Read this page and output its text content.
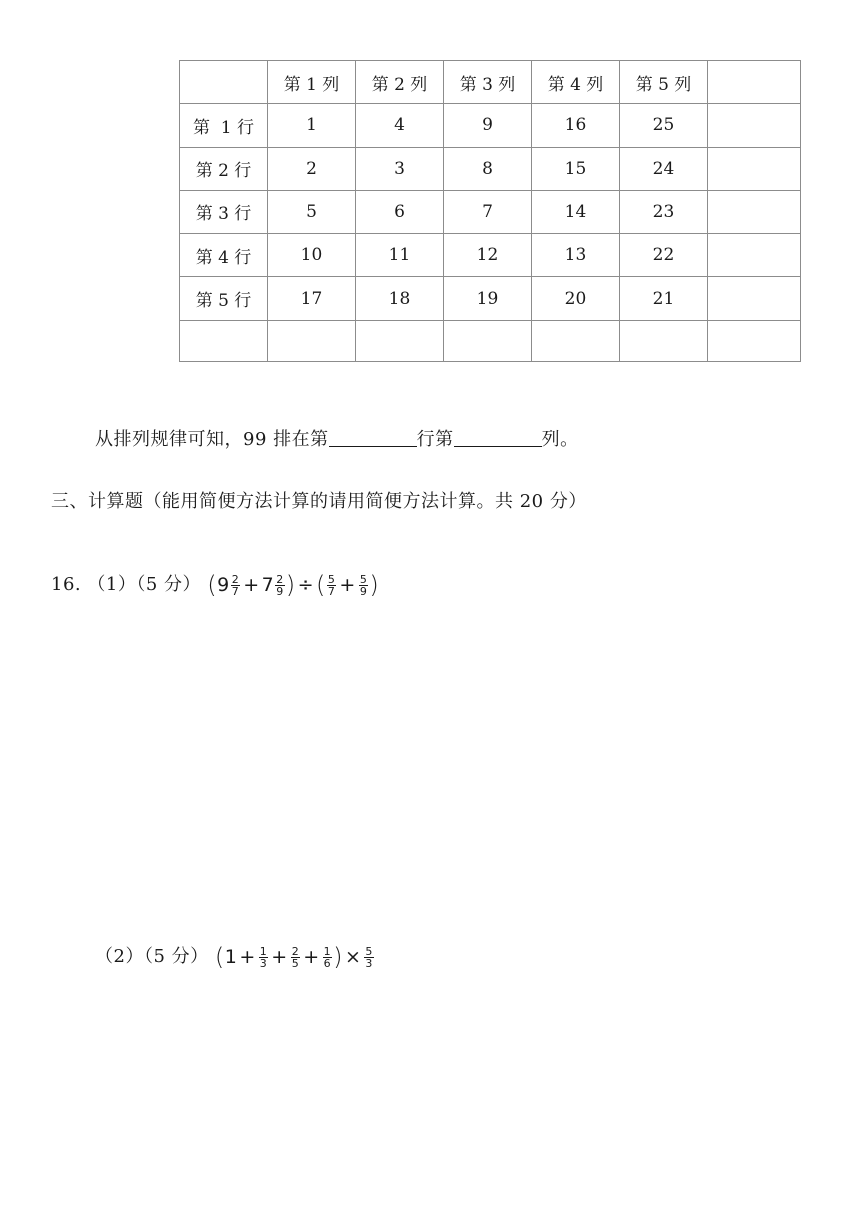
	第 1 列	第 2 列	第 3 列	第 4 列	第 5 列	
第  1 行	1	4	9	16	25	
第 2 行	2	3	8	15	24	
第 3 行	5	6	7	14	23	
第 4 行	10	11	12	13	22	
第 5 行	17	18	19	20	21	

从排列规律可知，99 排在第	行第	列。
三、计算题（能用简便方法计算的请用简便方法计算。共 20 分）
16. （1）（5 分） ( $9 \frac{2}{7} + 7 \frac{2}{9}$ ) ÷ ( $\frac{5}{7} + \frac{5}{9}$ )
（2）（5 分） ( $1 + \frac{1}{3} + \frac{2}{5} + \frac{1}{6}$ ) × $\frac{5}{3}$
